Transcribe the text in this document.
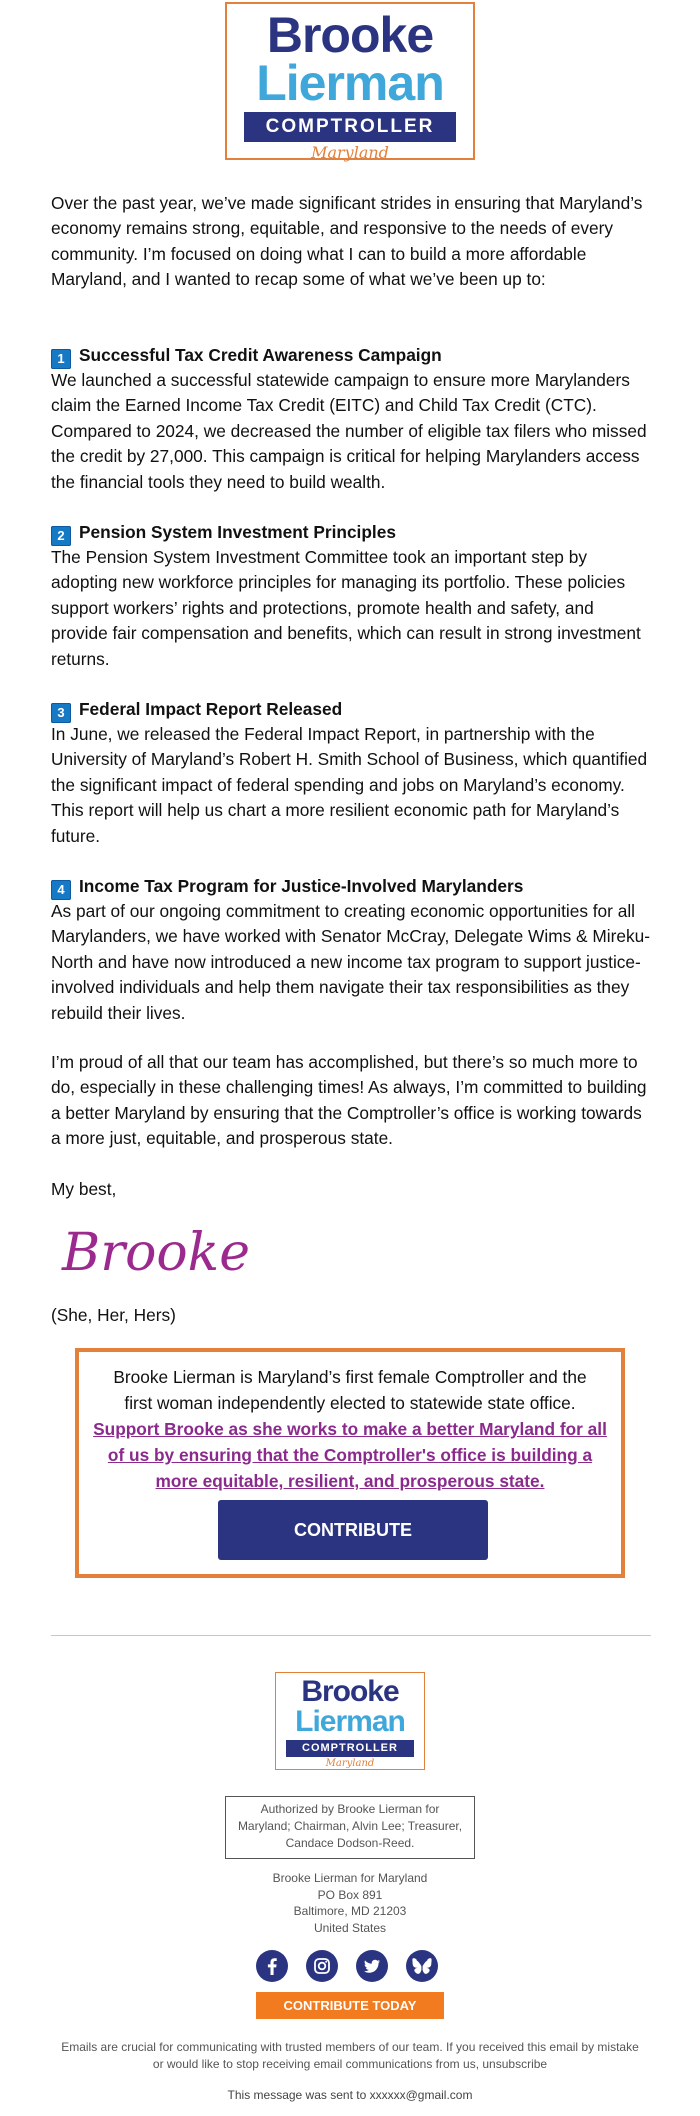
Brooke
Lierman
COMPTROLLER
Maryland

Over the past year, we’ve made significant strides in ensuring that Maryland’s economy remains strong, equitable, and responsive to the needs of every community. I’m focused on doing what I can to build a more affordable Maryland, and I wanted to recap some of what we’ve been up to:

1 Successful Tax Credit Awareness Campaign

We launched a successful statewide campaign to ensure more Marylanders claim the Earned Income Tax Credit (EITC) and Child Tax Credit (CTC). Compared to 2024, we decreased the number of eligible tax filers who missed the credit by 27,000. This campaign is critical for helping Marylanders access the financial tools they need to build wealth.

2 Pension System Investment Principles

The Pension System Investment Committee took an important step by adopting new workforce principles for managing its portfolio. These policies support workers’ rights and protections, promote health and safety, and provide fair compensation and benefits, which can result in strong investment returns.

3 Federal Impact Report Released

In June, we released the Federal Impact Report, in partnership with the University of Maryland’s Robert H. Smith School of Business, which quantified the significant impact of federal spending and jobs on Maryland’s economy. This report will help us chart a more resilient economic path for Maryland’s future.

4 Income Tax Program for Justice-Involved Marylanders

As part of our ongoing commitment to creating economic opportunities for all Marylanders, we have worked with Senator McCray, Delegate Wims & Mireku-North and have now introduced a new income tax program to support justice-involved individuals and help them navigate their tax responsibilities as they rebuild their lives.

I’m proud of all that our team has accomplished, but there’s so much more to do, especially in these challenging times! As always, I’m committed to building a better Maryland by ensuring that the Comptroller’s office is working towards a more just, equitable, and prosperous state.

My best,

Brooke

(She, Her, Hers)

Brooke Lierman is Maryland’s first female Comptroller and the first woman independently elected to statewide state office.
Support Brooke as she works to make a better Maryland for all of us by ensuring that the Comptroller's office is building a more equitable, resilient, and prosperous state.
CONTRIBUTE
Brooke
Lierman
COMPTROLLER
Maryland
Authorized by Brooke Lierman for Maryland; Chairman, Alvin Lee; Treasurer, Candace Dodson-Reed.
Brooke Lierman for Maryland
PO Box 891
Baltimore, MD 21203
United States
CONTRIBUTE TODAY
Emails are crucial for communicating with trusted members of our team. If you received this email by mistake or would like to stop receiving email communications from us, unsubscribe
This message was sent to xxxxxx@gmail.com
